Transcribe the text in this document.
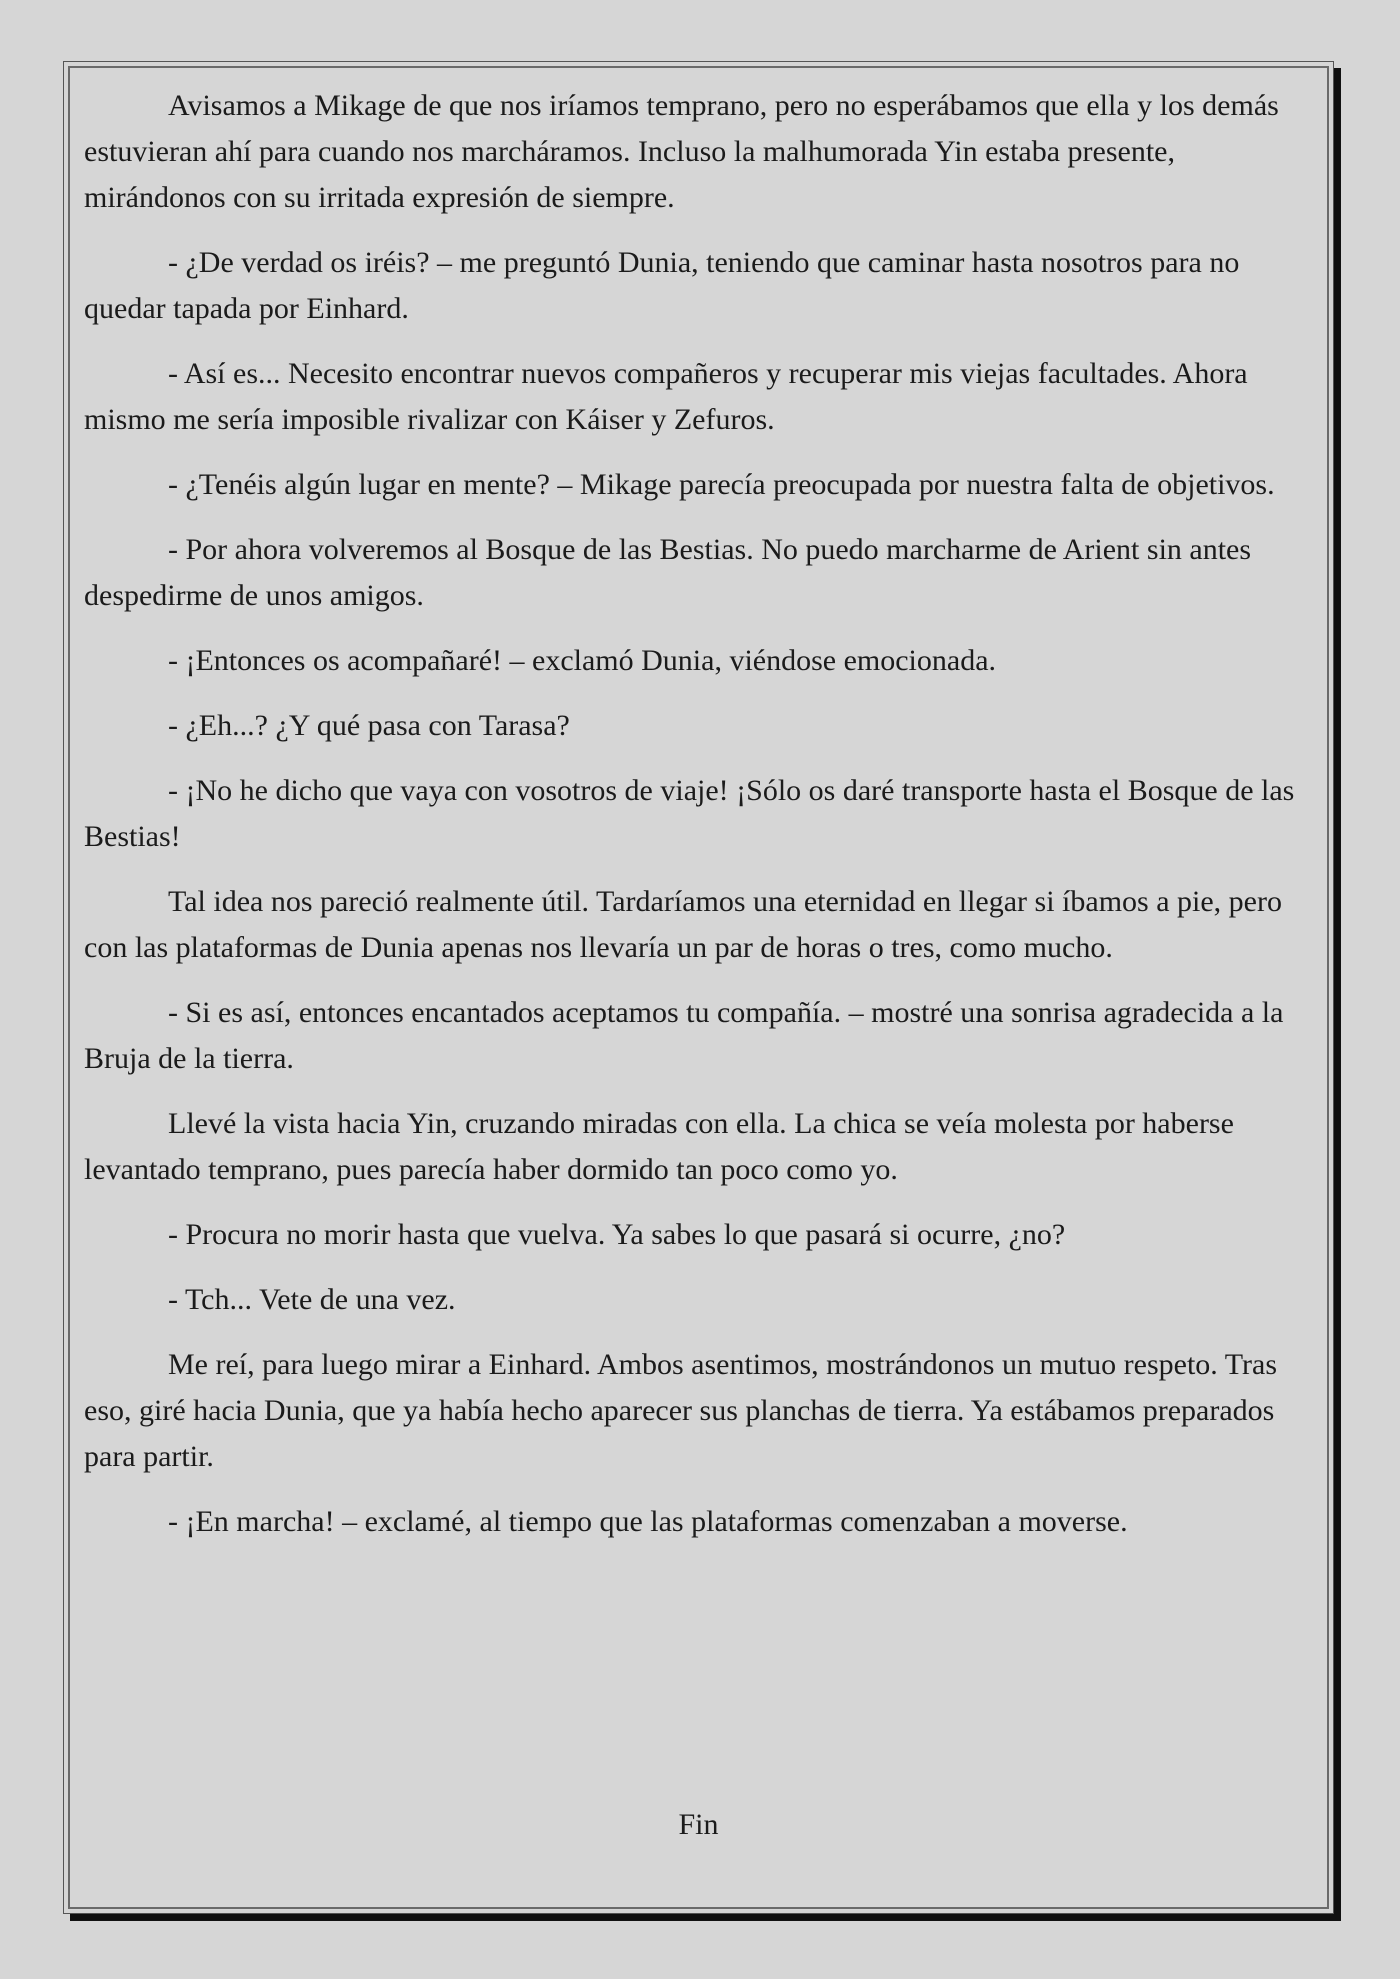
Avisamos a Mikage de que nos iríamos temprano, pero no esperábamos que ella y los demás estuvieran ahí para cuando nos marcháramos. Incluso la malhumorada Yin estaba presente, mirándonos con su irritada expresión de siempre.

- ¿De verdad os iréis? – me preguntó Dunia, teniendo que caminar hasta nosotros para no quedar tapada por Einhard.

- Así es... Necesito encontrar nuevos compañeros y recuperar mis viejas facultades. Ahora mismo me sería imposible rivalizar con Káiser y Zefuros.

- ¿Tenéis algún lugar en mente? – Mikage parecía preocupada por nuestra falta de objetivos.

- Por ahora volveremos al Bosque de las Bestias. No puedo marcharme de Arient sin antes despedirme de unos amigos.

- ¡Entonces os acompañaré! – exclamó Dunia, viéndose emocionada.

- ¿Eh...? ¿Y qué pasa con Tarasa?

- ¡No he dicho que vaya con vosotros de viaje! ¡Sólo os daré transporte hasta el Bosque de las Bestias!

Tal idea nos pareció realmente útil. Tardaríamos una eternidad en llegar si íbamos a pie, pero con las plataformas de Dunia apenas nos llevaría un par de horas o tres, como mucho.

- Si es así, entonces encantados aceptamos tu compañía. – mostré una sonrisa agradecida a la Bruja de la tierra.

Llevé la vista hacia Yin, cruzando miradas con ella. La chica se veía molesta por haberse levantado temprano, pues parecía haber dormido tan poco como yo.

- Procura no morir hasta que vuelva. Ya sabes lo que pasará si ocurre, ¿no?

- Tch... Vete de una vez.

Me reí, para luego mirar a Einhard. Ambos asentimos, mostrándonos un mutuo respeto. Tras eso, giré hacia Dunia, que ya había hecho aparecer sus planchas de tierra. Ya estábamos preparados para partir.

- ¡En marcha! – exclamé, al tiempo que las plataformas comenzaban a moverse.

Fin
